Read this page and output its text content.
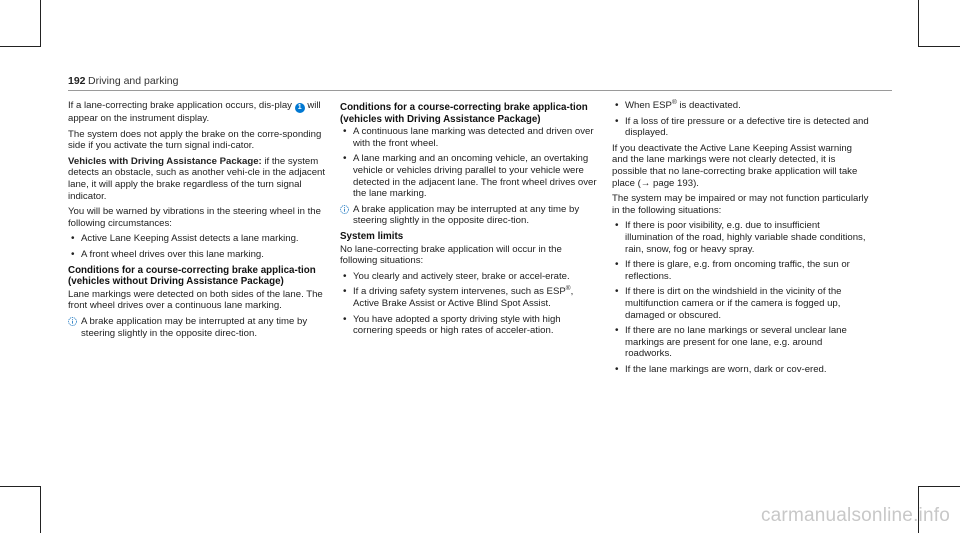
192 Driving and parking

If a lane-correcting brake application occurs, dis-play 1 will appear on the instrument display.

The system does not apply the brake on the corre-sponding side if you activate the turn signal indi-cator.

Vehicles with Driving Assistance Package: if the system detects an obstacle, such as another vehi-cle in the adjacent lane, it will apply the brake regardless of the turn signal indicator.

You will be warned by vibrations in the steering wheel in the following circumstances:

• Active Lane Keeping Assist detects a lane marking.
• A front wheel drives over this lane marking.
Conditions for a course-correcting brake applica-tion (vehicles without Driving Assistance Package)

Lane markings were detected on both sides of the lane. The front wheel drives over a continuous lane marking.

A brake application may be interrupted at any time by steering slightly in the opposite direc-tion.
Conditions for a course-correcting brake applica-tion (vehicles with Driving Assistance Package)
• A continuous lane marking was detected and driven over with the front wheel.
• A lane marking and an oncoming vehicle, an overtaking vehicle or vehicles driving parallel to your vehicle were detected in the adjacent lane. The front wheel drives over the lane marking.
A brake application may be interrupted at any time by steering slightly in the opposite direc-tion.
System limits

No lane-correcting brake application will occur in the following situations:

• You clearly and actively steer, brake or accel-erate.
• If a driving safety system intervenes, such as ESP®, Active Brake Assist or Active Blind Spot Assist.
• You have adopted a sporty driving style with high cornering speeds or high rates of acceler-ation.
• When ESP® is deactivated.
• If a loss of tire pressure or a defective tire is detected and displayed.

If you deactivate the Active Lane Keeping Assist warning and the lane markings were not clearly detected, it is possible that no lane-correcting brake application will take place (→ page 193).

The system may be impaired or may not function particularly in the following situations:

• If there is poor visibility, e.g. due to insufficient illumination of the road, highly variable shade conditions, rain, snow, fog or heavy spray.
• If there is glare, e.g. from oncoming traffic, the sun or reflections.
• If there is dirt on the windshield in the vicinity of the multifunction camera or if the camera is fogged up, damaged or obscured.
• If there are no lane markings or several unclear lane markings are present for one lane, e.g. around roadworks.
• If the lane markings are worn, dark or cov-ered.
carmanualsonline.info
